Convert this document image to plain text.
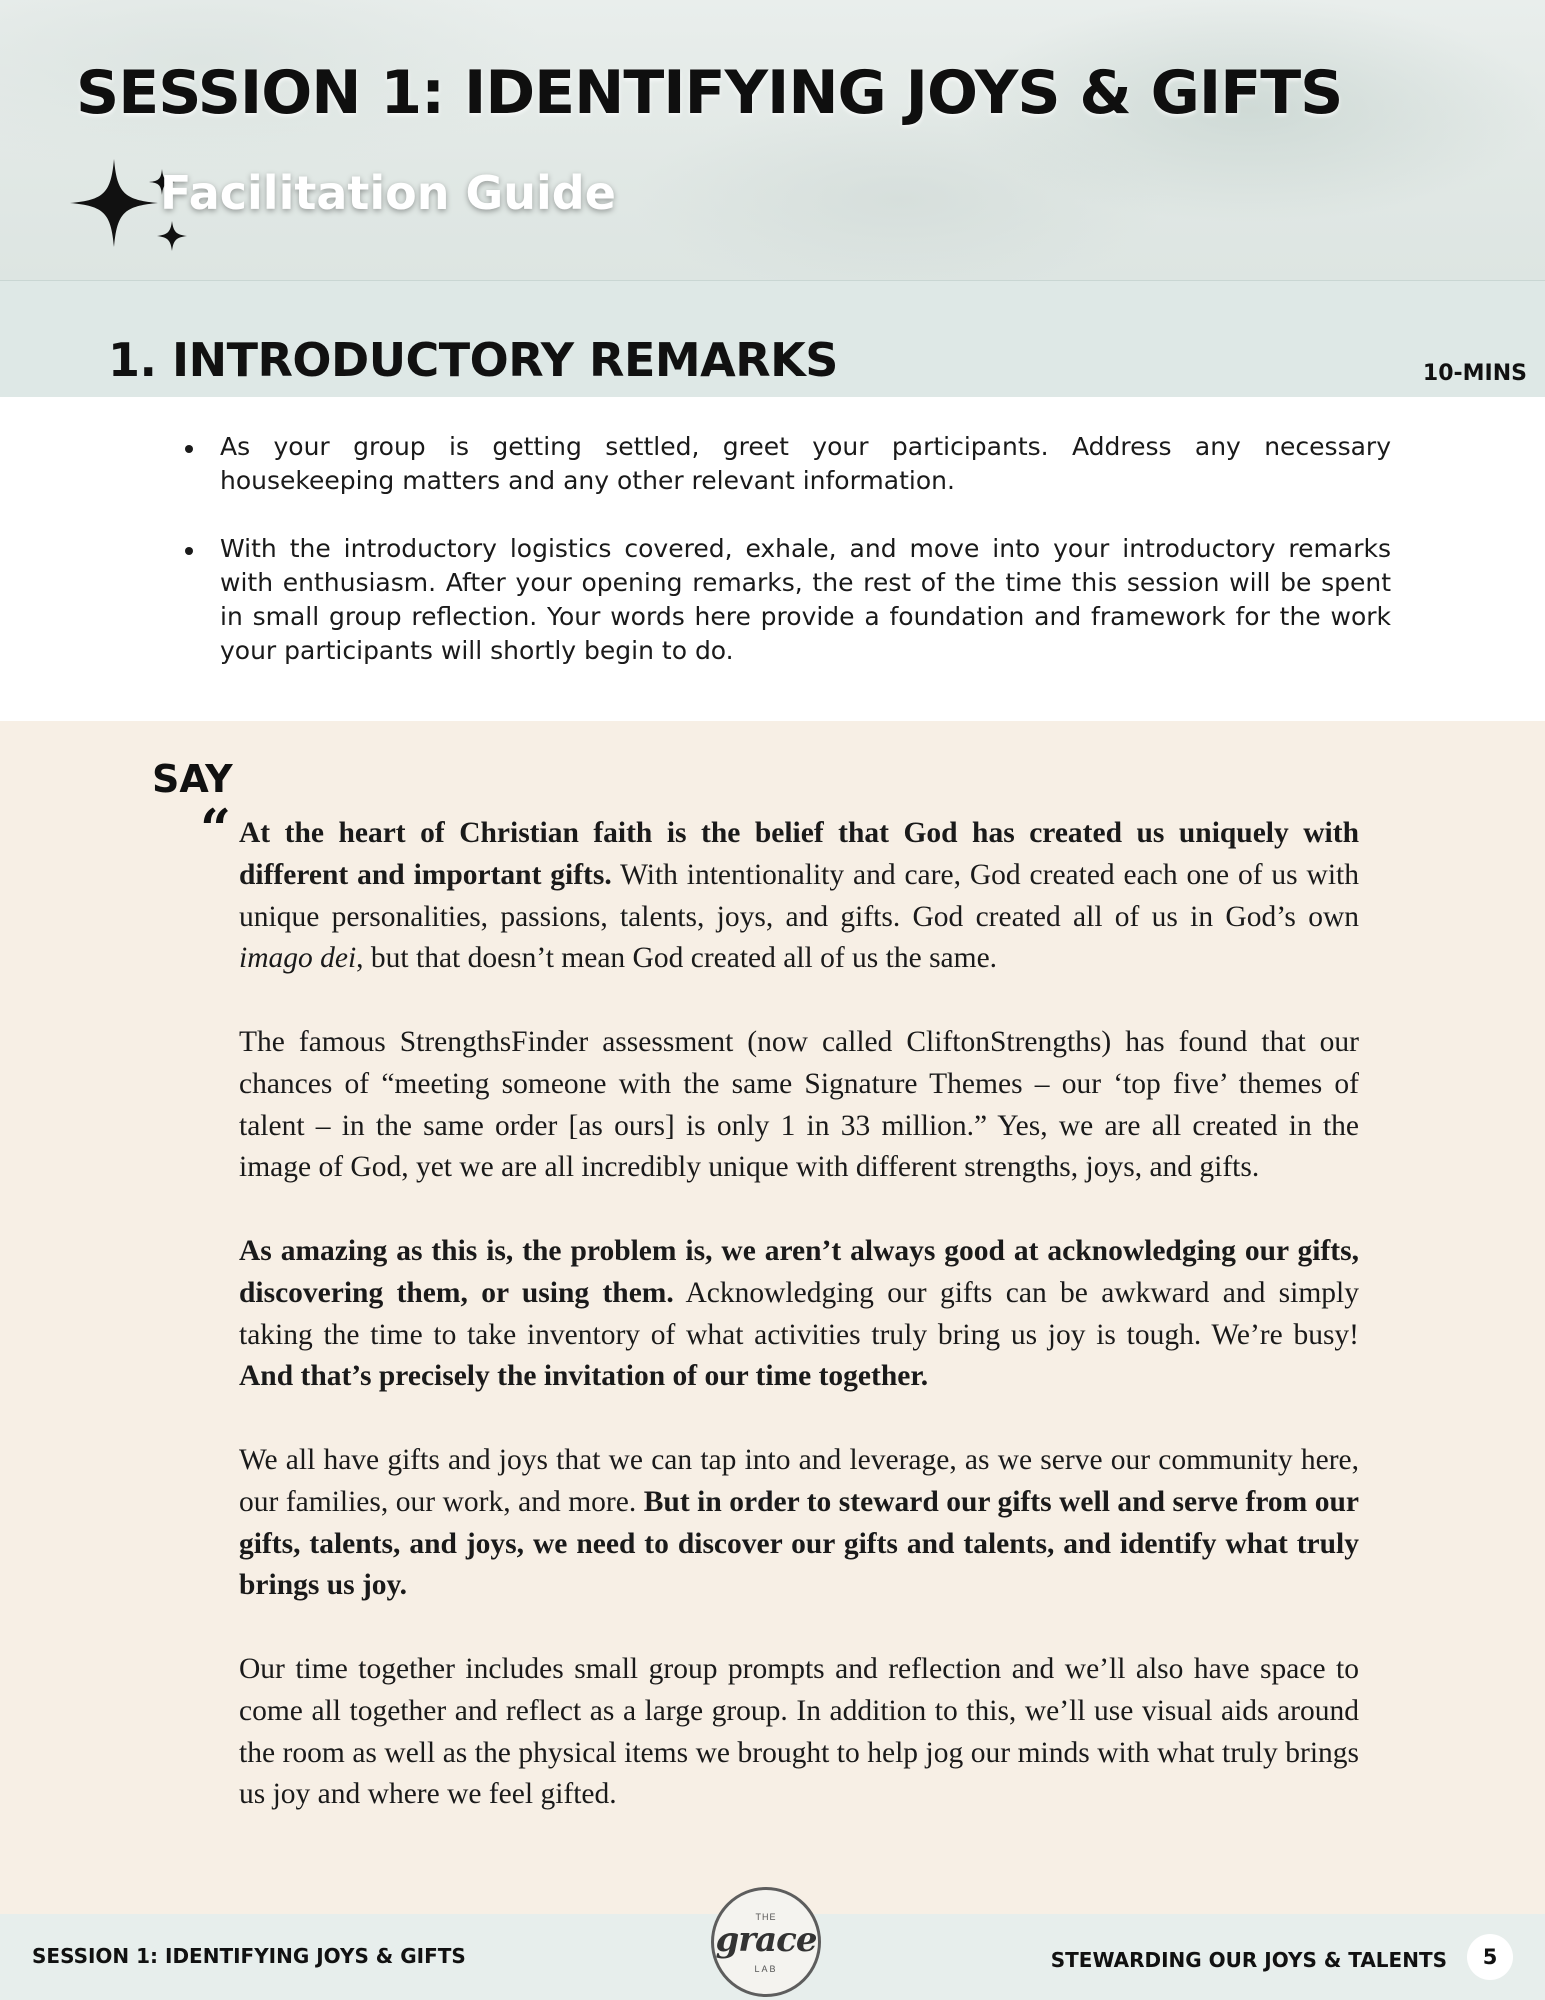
SESSION 1: IDENTIFYING JOYS & GIFTS
Facilitation Guide
1. INTRODUCTORY REMARKS	10-MINS
As your group is getting settled, greet your participants. Address any necessary housekeeping matters and any other relevant information.
With the introductory logistics covered, exhale, and move into your introductory remarks with enthusiasm. After your opening remarks, the rest of the time this session will be spent in small group reflection. Your words here provide a foundation and framework for the work your participants will shortly begin to do.
SAY
“ At the heart of Christian faith is the belief that God has created us uniquely with different and important gifts. With intentionality and care, God created each one of us with unique personalities, passions, talents, joys, and gifts. God created all of us in God’s own imago dei, but that doesn’t mean God created all of us the same.

The famous StrengthsFinder assessment (now called CliftonStrengths) has found that our chances of “meeting someone with the same Signature Themes – our ‘top five’ themes of talent – in the same order [as ours] is only 1 in 33 million.” Yes, we are all created in the image of God, yet we are all incredibly unique with different strengths, joys, and gifts.

As amazing as this is, the problem is, we aren’t always good at acknowledging our gifts, discovering them, or using them. Acknowledging our gifts can be awkward and simply taking the time to take inventory of what activities truly bring us joy is tough. We’re busy! And that’s precisely the invitation of our time together.

We all have gifts and joys that we can tap into and leverage, as we serve our community here, our families, our work, and more. But in order to steward our gifts well and serve from our gifts, talents, and joys, we need to discover our gifts and talents, and identify what truly brings us joy.

Our time together includes small group prompts and reflection and we’ll also have space to come all together and reflect as a large group. In addition to this, we’ll use visual aids around the room as well as the physical items we brought to help jog our minds with what truly brings us joy and where we feel gifted.

SESSION 1: IDENTIFYING JOYS & GIFTS	STEWARDING OUR JOYS & TALENTS	5
THE
grace
LAB
